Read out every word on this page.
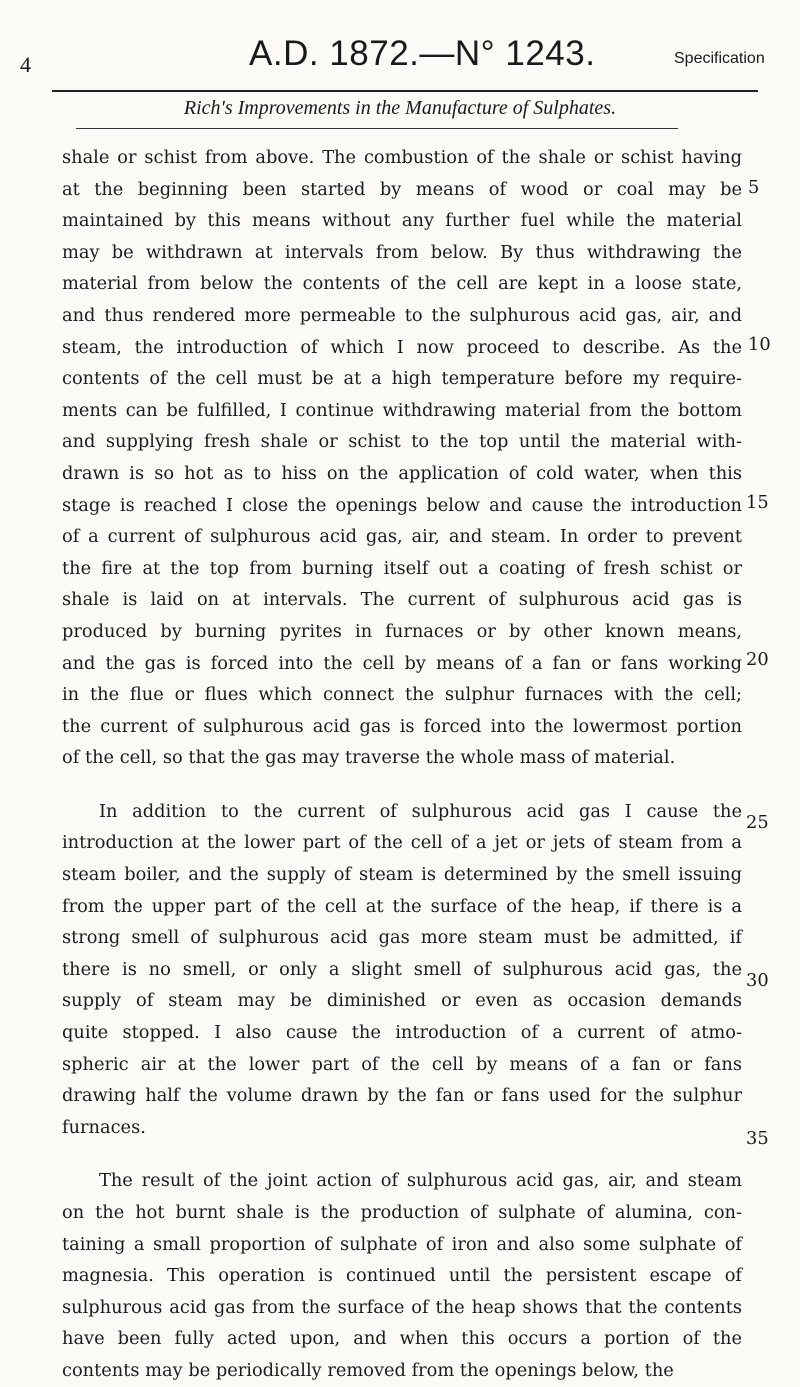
4	A.D. 1872.—N° 1243.	Specification
Rich's Improvements in the Manufacture of Sulphates.
shale or schist from above. The combustion of the shale or schist having
at the beginning been started by means of wood or coal may be
maintained by this means without any further fuel while the material
may be withdrawn at intervals from below. By thus withdrawing the
material from below the contents of the cell are kept in a loose state,
and thus rendered more permeable to the sulphurous acid gas, air, and
steam, the introduction of which I now proceed to describe. As the
contents of the cell must be at a high temperature before my require-
ments can be fulfilled, I continue withdrawing material from the bottom
and supplying fresh shale or schist to the top until the material with-
drawn is so hot as to hiss on the application of cold water, when this
stage is reached I close the openings below and cause the introduction
of a current of sulphurous acid gas, air, and steam. In order to prevent
the fire at the top from burning itself out a coating of fresh schist or
shale is laid on at intervals. The current of sulphurous acid gas is
produced by burning pyrites in furnaces or by other known means,
and the gas is forced into the cell by means of a fan or fans working
in the flue or flues which connect the sulphur furnaces with the cell;
the current of sulphurous acid gas is forced into the lowermost portion
of the cell, so that the gas may traverse the whole mass of material.
In addition to the current of sulphurous acid gas I cause the
introduction at the lower part of the cell of a jet or jets of steam from a
steam boiler, and the supply of steam is determined by the smell issuing
from the upper part of the cell at the surface of the heap, if there is a
strong smell of sulphurous acid gas more steam must be admitted, if
there is no smell, or only a slight smell of sulphurous acid gas, the
supply of steam may be diminished or even as occasion demands
quite stopped. I also cause the introduction of a current of atmo-
spheric air at the lower part of the cell by means of a fan or fans
drawing half the volume drawn by the fan or fans used for the sulphur
furnaces.
The result of the joint action of sulphurous acid gas, air, and steam
on the hot burnt shale is the production of sulphate of alumina, con-
taining a small proportion of sulphate of iron and also some sulphate of
magnesia. This operation is continued until the persistent escape of
sulphurous acid gas from the surface of the heap shows that the contents
have been fully acted upon, and when this occurs a portion of the
contents may be periodically removed from the openings below, the
5
10
15
20
25
30
35
